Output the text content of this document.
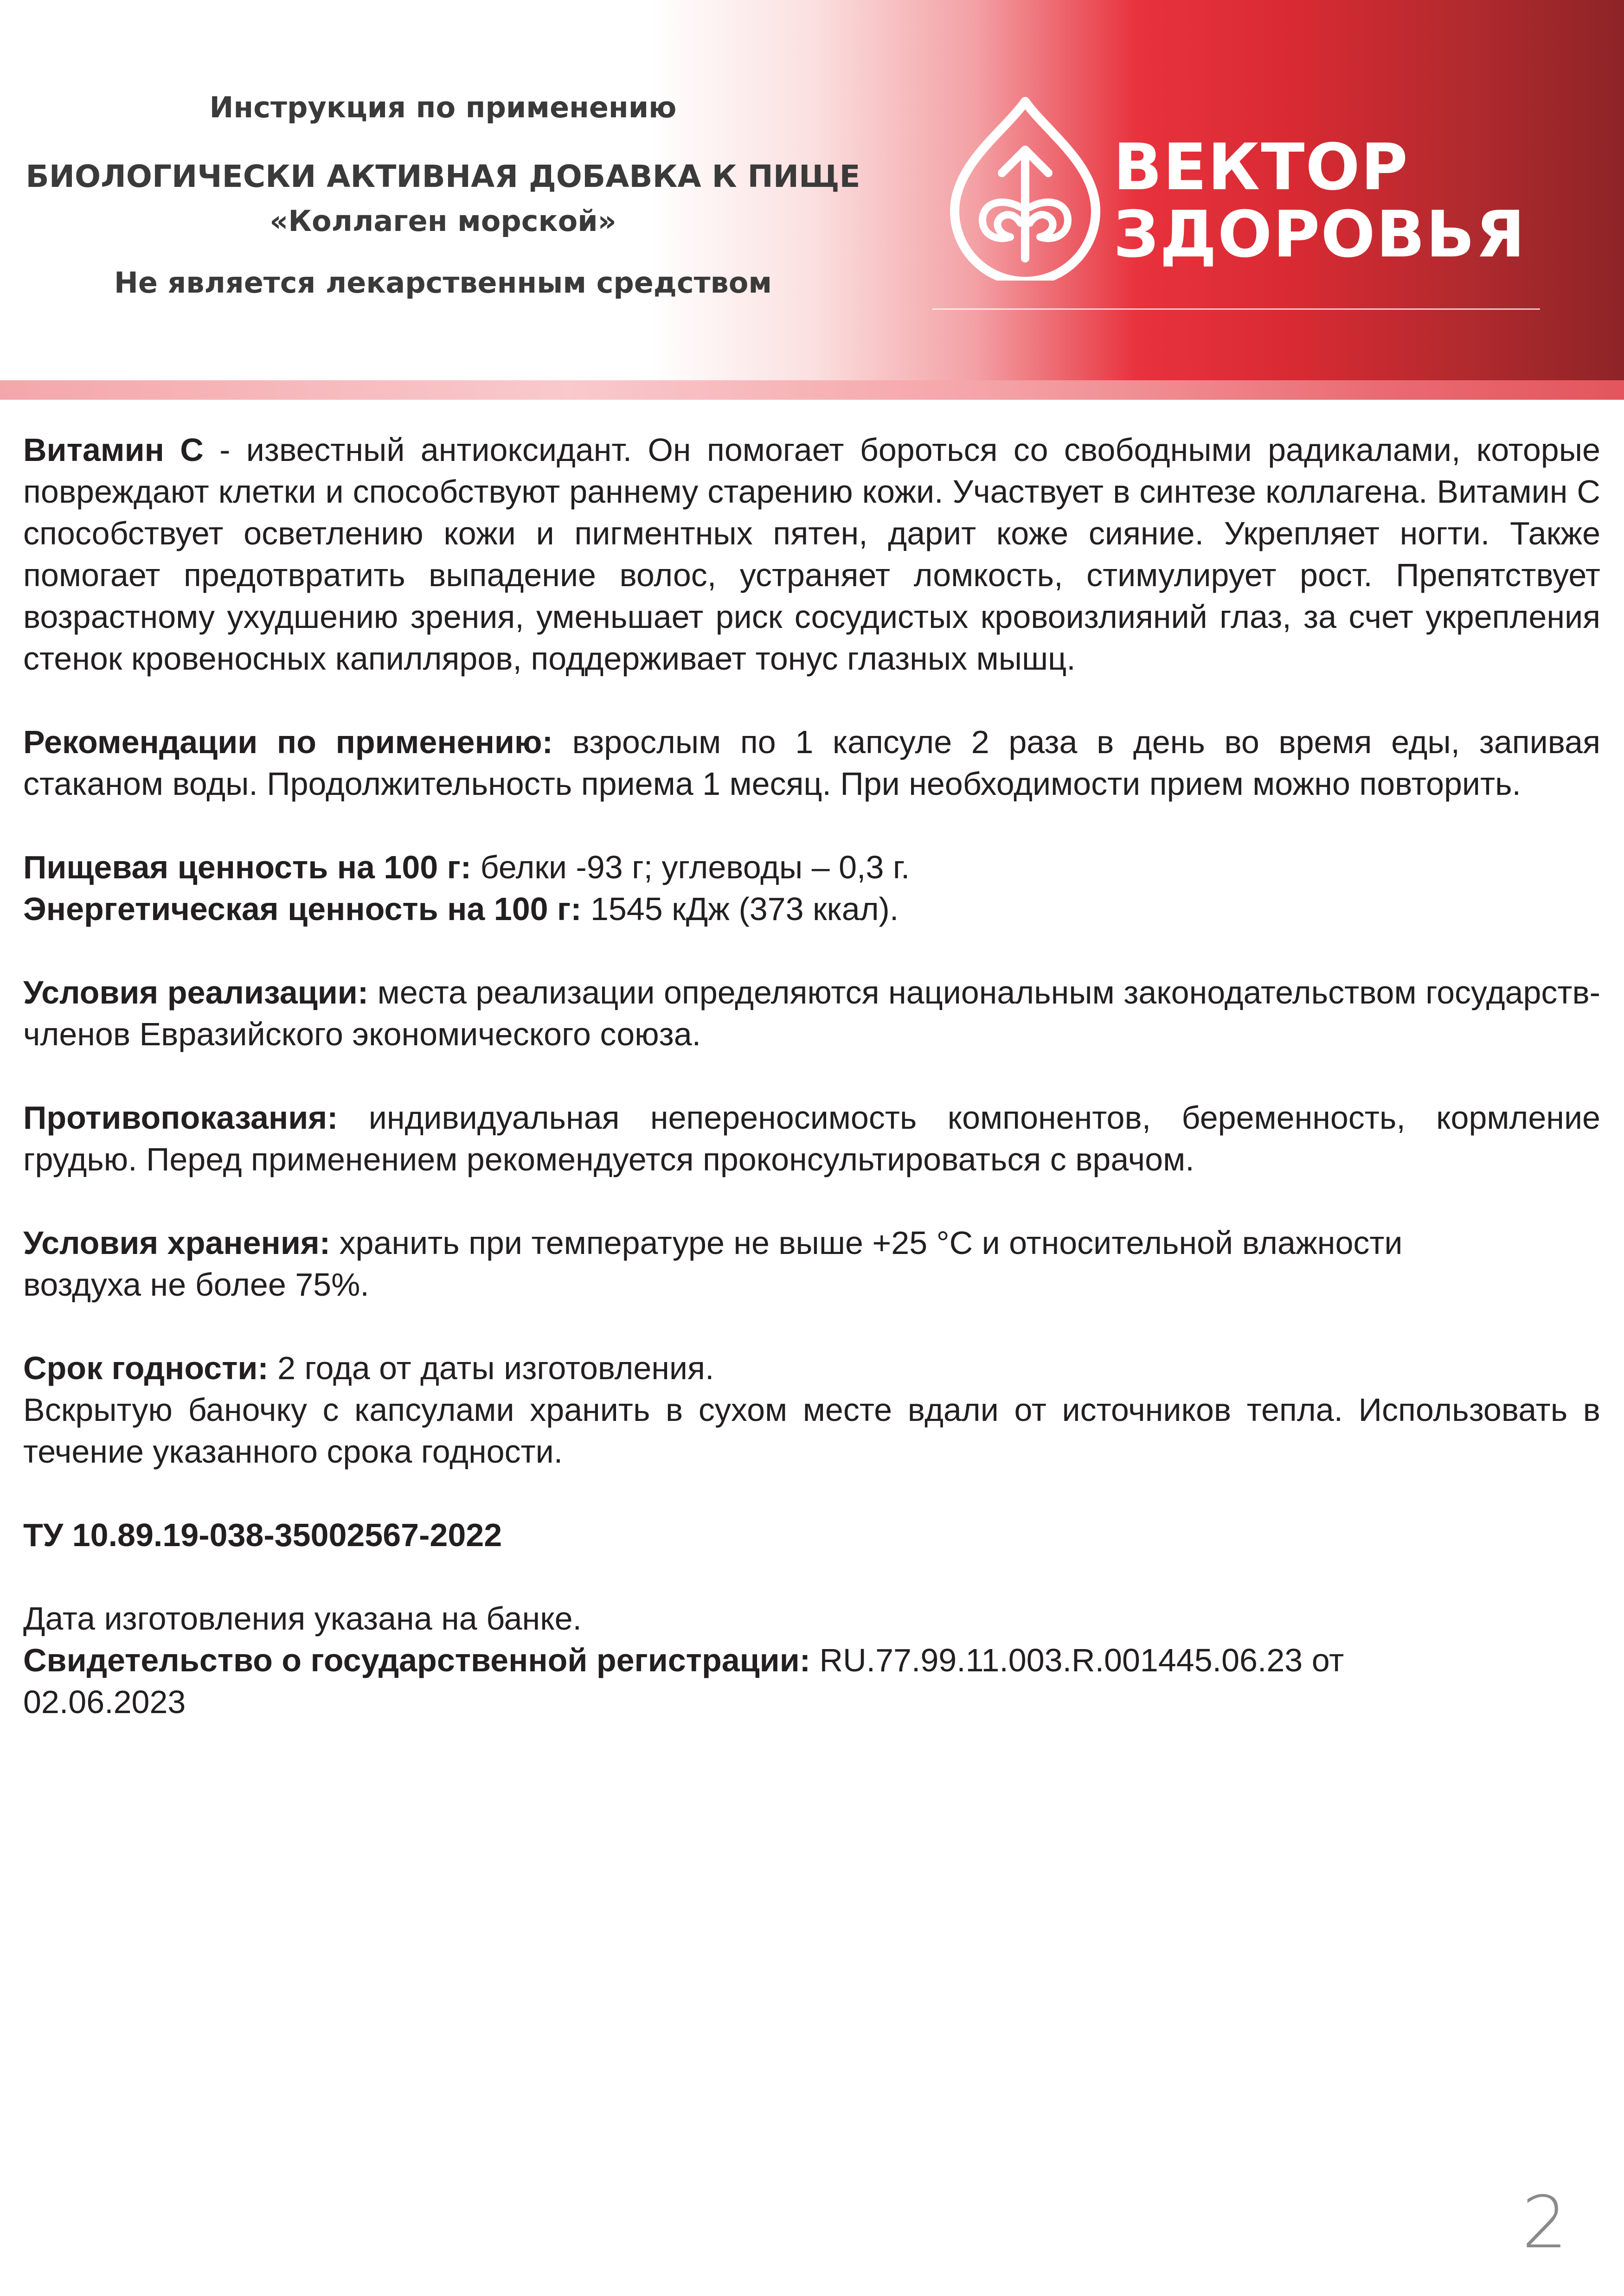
Инструкция по применению

БИОЛОГИЧЕСКИ АКТИВНАЯ ДОБАВКА К ПИЩЕ

«Коллаген морской»

Не является лекарственным средством

ВЕКТОР

ЗДОРОВЬЯ

Витамин С - известный антиоксидант. Он помогает бороться со свободными радикалами, которые повреждают клетки и способствуют раннему старению кожи. Участвует в синтезе коллагена. Витамин С способствует осветлению кожи и пигментных пятен, дарит коже сияние. Укрепляет ногти. Также помогает предотвратить выпадение волос, устраняет ломкость, стимулирует рост. Препятствует возрастному ухудшению зрения, уменьшает риск сосудистых кровоизлияний глаз, за счет укрепления стенок кровеносных капилляров, поддерживает тонус глазных мышц.

Рекомендации по применению: взрослым по 1 капсуле 2 раза в день во время еды, запивая стаканом воды. Продолжительность приема 1 месяц. При необходимости прием можно повторить.

Пищевая ценность на 100 г: белки -93 г; углеводы – 0,3 г.

Энергетическая ценность на 100 г: 1545 кДж (373 ккал).

Условия реализации: места реализации определяются национальным законодательством государств-членов Евразийского экономического союза.

Противопоказания: индивидуальная непереносимость компонентов, беременность, кормление грудью. Перед применением рекомендуется проконсультироваться с врачом.

Условия хранения: хранить при температуре не выше +25 °С и относительной влажности
воздуха не более 75%.

Срок годности: 2 года от даты изготовления.

Вскрытую баночку с капсулами хранить в сухом месте вдали от источников тепла. Использовать в течение указанного срока годности.

ТУ 10.89.19-038-35002567-2022

Дата изготовления указана на банке.

Свидетельство о государственной регистрации: RU.77.99.11.003.R.001445.06.23 от
02.06.2023

2
